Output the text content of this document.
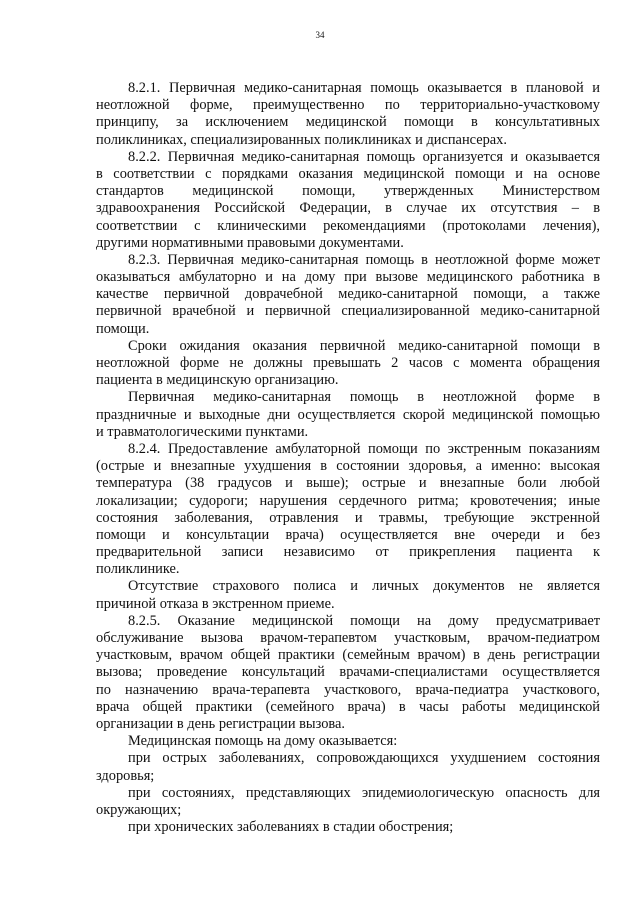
34
8.2.1. Первичная медико-санитарная помощь оказывается в плановой и
неотложной форме, преимущественно по территориально-участковому
принципу, за исключением медицинской помощи в консультативных
поликлиниках, специализированных поликлиниках и диспансерах.
8.2.2. Первичная медико-санитарная помощь организуется и оказывается
в соответствии с порядками оказания медицинской помощи и на основе
стандартов медицинской помощи, утвержденных Министерством
здравоохранения Российской Федерации, в случае их отсутствия – в
соответствии с клиническими рекомендациями (протоколами лечения),
другими нормативными правовыми документами.
8.2.3. Первичная медико-санитарная помощь в неотложной форме может
оказываться амбулаторно и на дому при вызове медицинского работника в
качестве первичной доврачебной медико-санитарной помощи, а также
первичной врачебной и первичной специализированной медико-санитарной
помощи.
Сроки ожидания оказания первичной медико-санитарной помощи в
неотложной форме не должны превышать 2 часов с момента обращения
пациента в медицинскую организацию.
Первичная медико-санитарная помощь в неотложной форме в
праздничные и выходные дни осуществляется скорой медицинской помощью
и травматологическими пунктами.
8.2.4. Предоставление амбулаторной помощи по экстренным показаниям
(острые и внезапные ухудшения в состоянии здоровья, а именно: высокая
температура (38 градусов и выше); острые и внезапные боли любой
локализации; судороги; нарушения сердечного ритма; кровотечения; иные
состояния заболевания, отравления и травмы, требующие экстренной
помощи и консультации врача) осуществляется вне очереди и без
предварительной записи независимо от прикрепления пациента к
поликлинике.
Отсутствие страхового полиса и личных документов не является
причиной отказа в экстренном приеме.
8.2.5. Оказание медицинской помощи на дому предусматривает
обслуживание вызова врачом-терапевтом участковым, врачом-педиатром
участковым, врачом общей практики (семейным врачом) в день регистрации
вызова; проведение консультаций врачами-специалистами осуществляется
по назначению врача-терапевта участкового, врача-педиатра участкового,
врача общей практики (семейного врача) в часы работы медицинской
организации в день регистрации вызова.
Медицинская помощь на дому оказывается:
при острых заболеваниях, сопровождающихся ухудшением состояния
здоровья;
при состояниях, представляющих эпидемиологическую опасность для
окружающих;
при хронических заболеваниях в стадии обострения;
